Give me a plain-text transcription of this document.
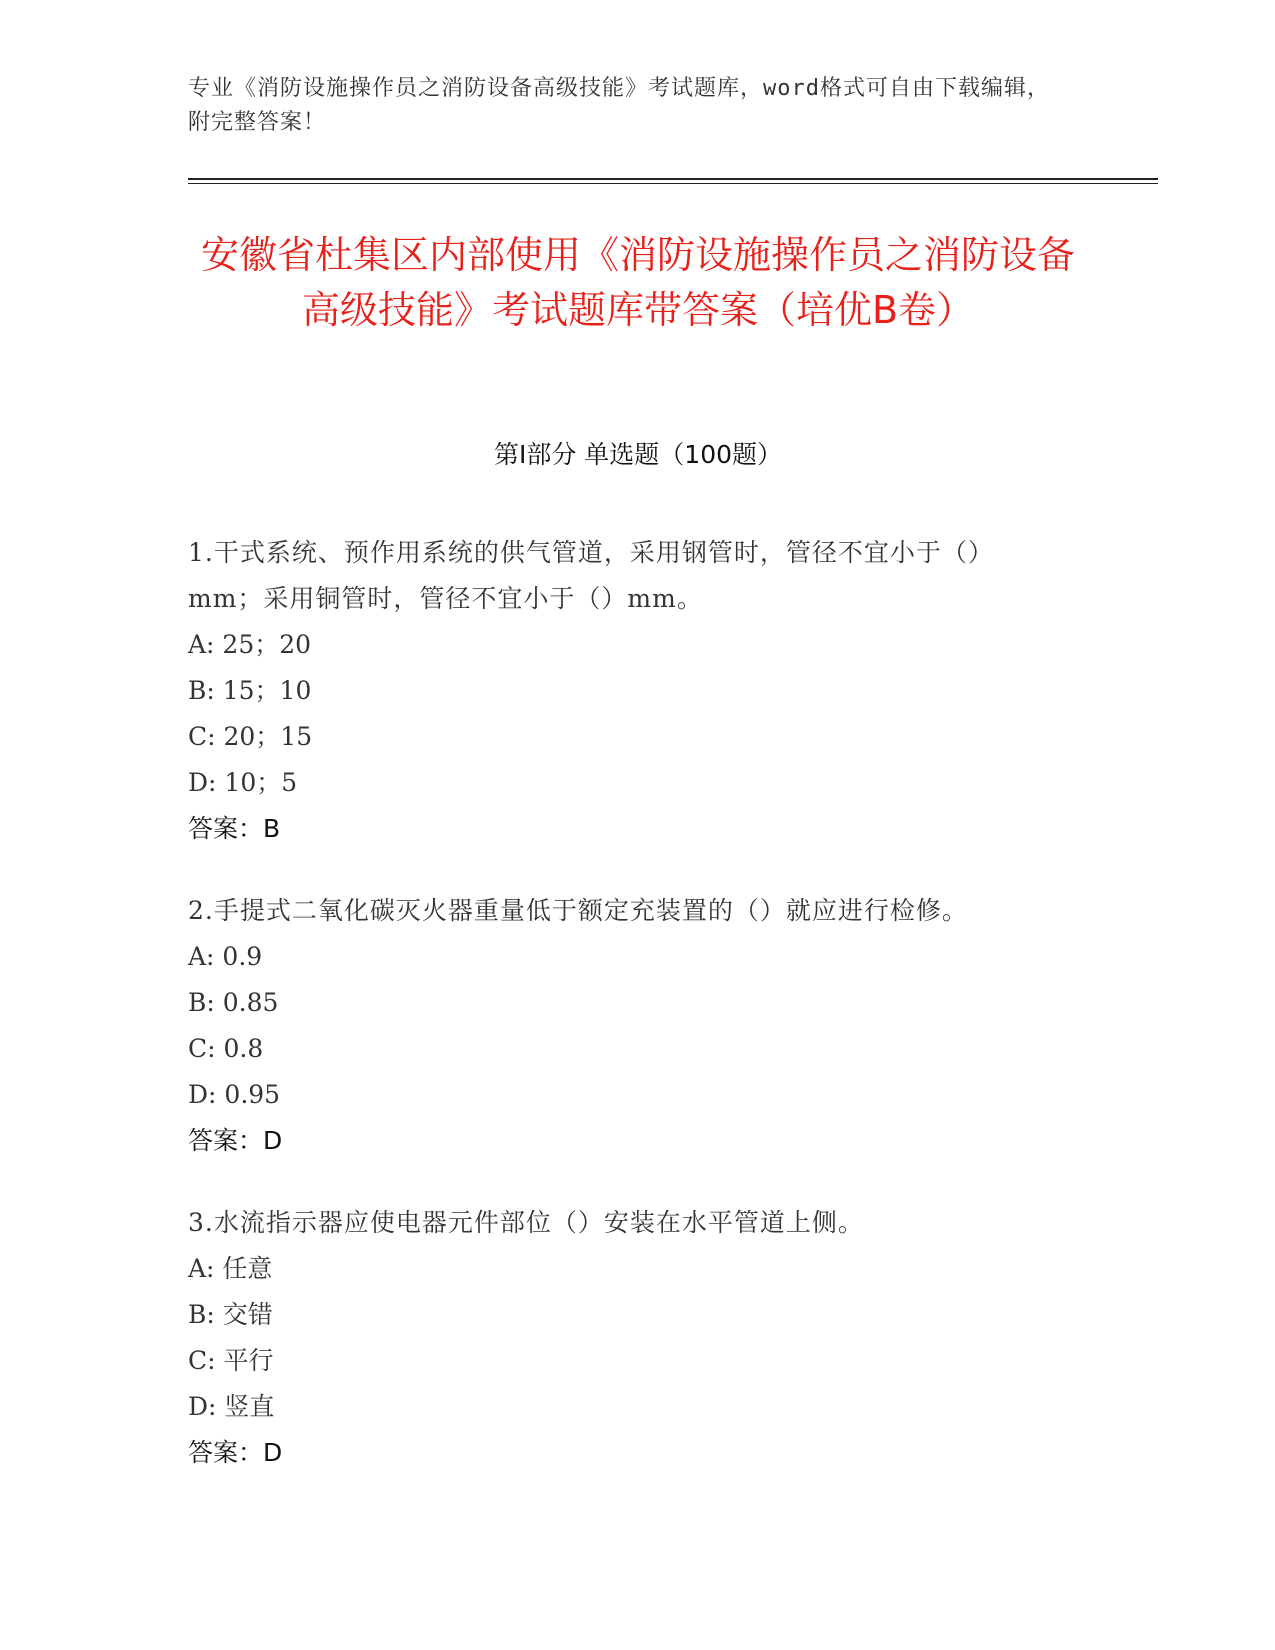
专业《消防设施操作员之消防设备高级技能》考试题库，word格式可自由下载编辑，附完整答案！
安徽省杜集区内部使用《消防设施操作员之消防设备高级技能》考试题库带答案（培优B卷）
第I部分 单选题（100题）
1.干式系统、预作用系统的供气管道，采用钢管时，管径不宜小于（）mm；采用铜管时，管径不宜小于（）mm。
A: 25；20
B: 15；10
C: 20；15
D: 10；5
答案：B
2.手提式二氧化碳灭火器重量低于额定充装置的（）就应进行检修。
A: 0.9
B: 0.85
C: 0.8
D: 0.95
答案：D
3.水流指示器应使电器元件部位（）安装在水平管道上侧。
A: 任意
B: 交错
C: 平行
D: 竖直
答案：D
